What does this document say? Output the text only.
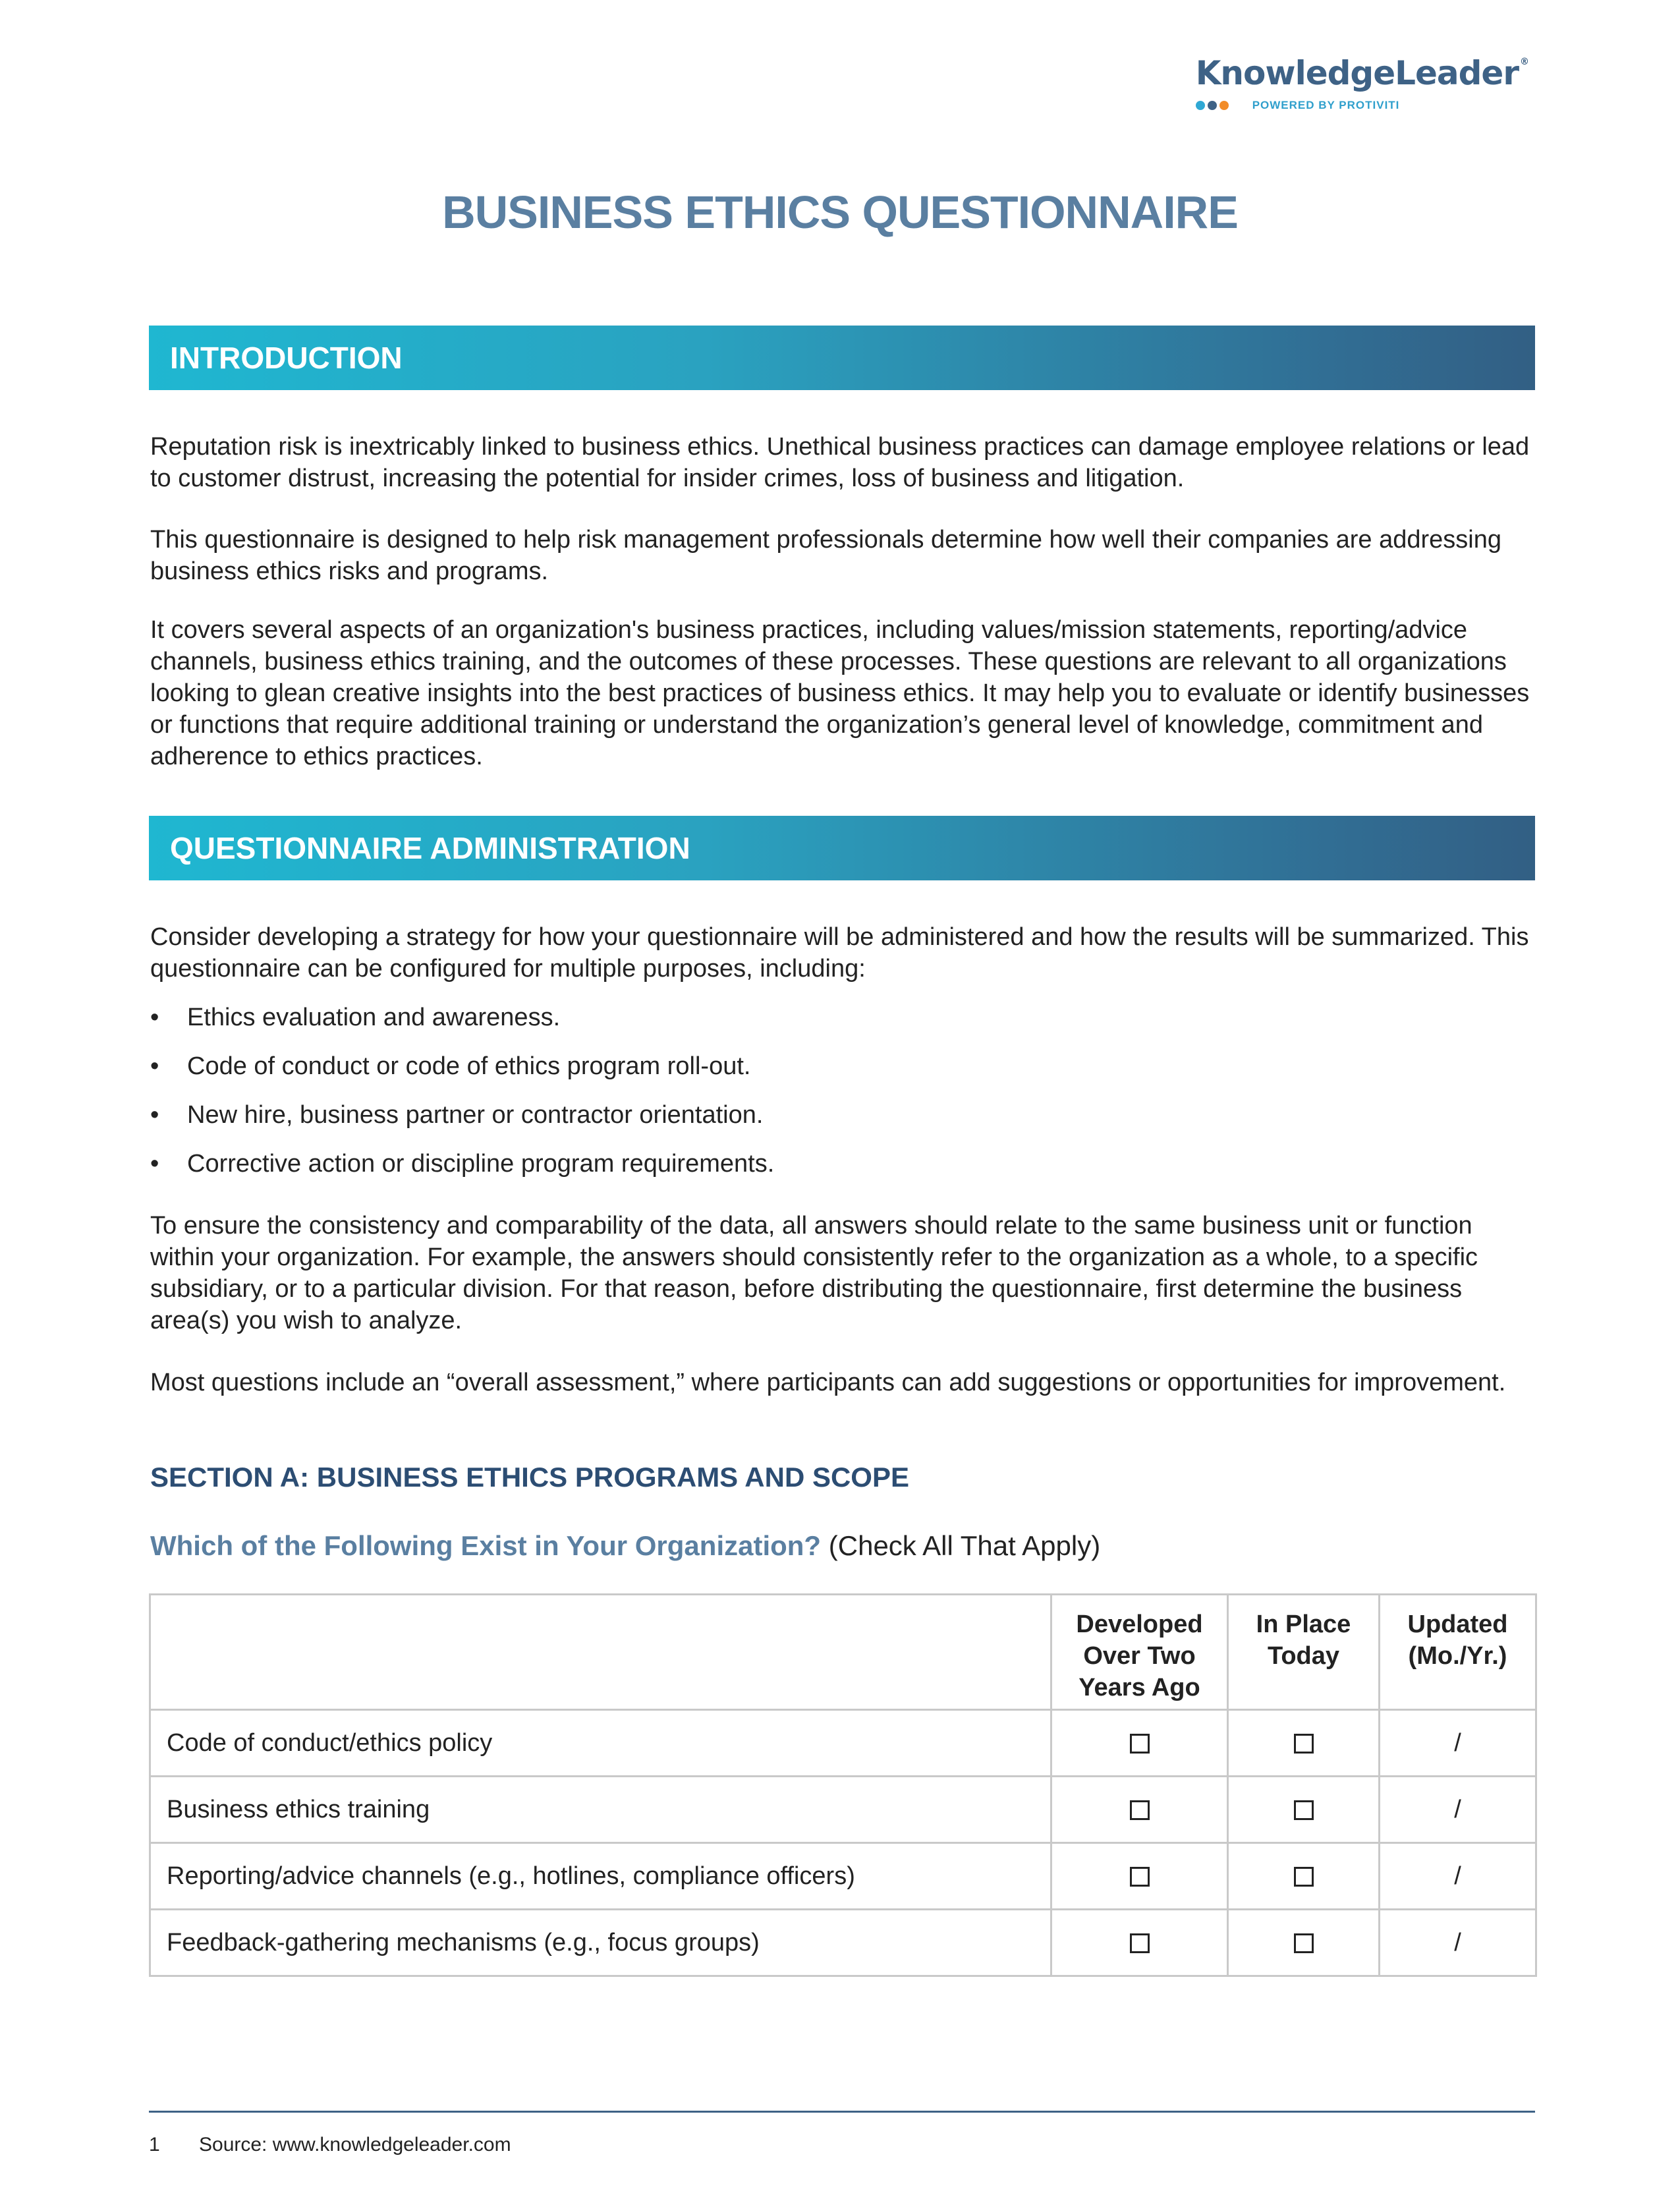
KnowledgeLeader ®
POWERED BY PROTIVITI
BUSINESS ETHICS QUESTIONNAIRE
INTRODUCTION

Reputation risk is inextricably linked to business ethics. Unethical business practices can damage employee relations or lead to customer distrust, increasing the potential for insider crimes, loss of business and litigation.

This questionnaire is designed to help risk management professionals determine how well their companies are addressing business ethics risks and programs.

It covers several aspects of an organization's business practices, including values/mission statements, reporting/advice channels, business ethics training, and the outcomes of these processes. These questions are relevant to all organizations looking to glean creative insights into the best practices of business ethics. It may help you to evaluate or identify businesses or functions that require additional training or understand the organization’s general level of knowledge, commitment and adherence to ethics practices.

QUESTIONNAIRE ADMINISTRATION

Consider developing a strategy for how your questionnaire will be administered and how the results will be summarized. This questionnaire can be configured for multiple purposes, including:

• Ethics evaluation and awareness.
• Code of conduct or code of ethics program roll-out.
• New hire, business partner or contractor orientation.
• Corrective action or discipline program requirements.

To ensure the consistency and comparability of the data, all answers should relate to the same business unit or function within your organization. For example, the answers should consistently refer to the organization as a whole, to a specific subsidiary, or to a particular division. For that reason, before distributing the questionnaire, first determine the business area(s) you wish to analyze.

Most questions include an “overall assessment,” where participants can add suggestions or opportunities for improvement.

SECTION A: BUSINESS ETHICS PROGRAMS AND SCOPE
Which of the Following Exist in Your Organization? (Check All That Apply)
	Developed Over Two Years Ago	In Place Today	Updated (Mo./Yr.)
Code of conduct/ethics policy			/
Business ethics training			/
Reporting/advice channels (e.g., hotlines, compliance officers)			/
Feedback-gathering mechanisms (e.g., focus groups)			/
1 Source: www.knowledgeleader.com
